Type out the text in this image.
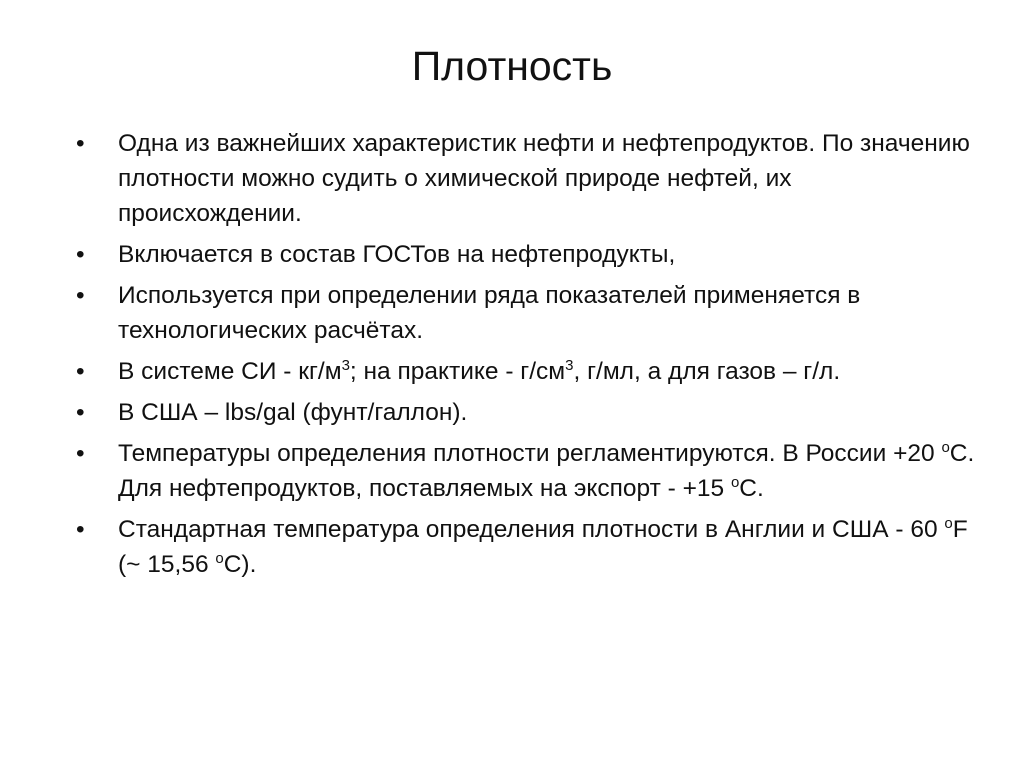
Плотность
• Одна из важнейших характеристик нефти и нефтепродуктов. По значению плотности можно судить о химической природе нефтей, их происхождении.
• Включается в состав ГОСТов на нефтепродукты,
• Используется при определении ряда показателей применяется в технологических расчётах.
• В системе СИ - $кг/м^3$; на практике - $г/см^3$, г/мл, а для газов – г/л.
• В США – lbs/gal (фунт/галлон).
• Температуры определения плотности регламентируются. В России +20 $^о$С. Для нефтепродуктов, поставляемых на экспорт - +15 $^о$С.
• Стандартная температура определения плотности в Англии и США - 60 $^о$F (~ 15,56 $^о$С).
